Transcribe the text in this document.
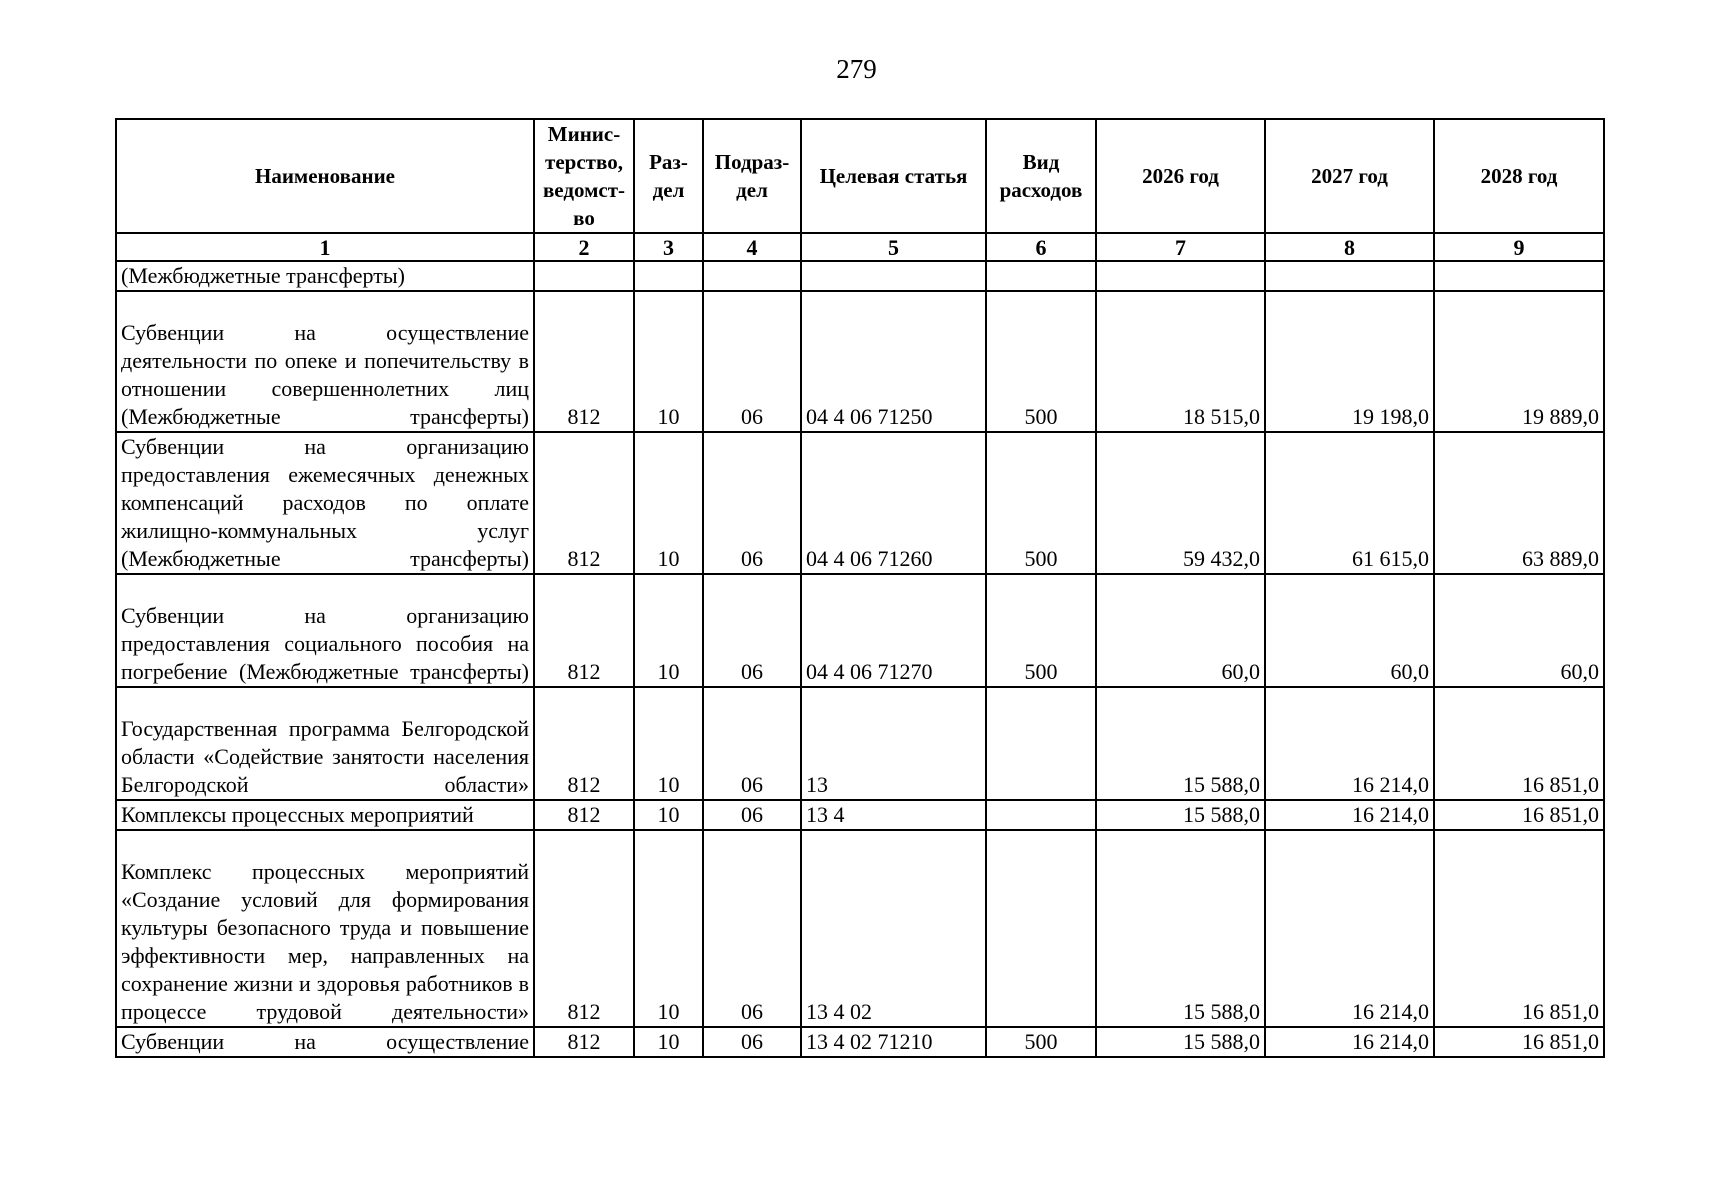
279
Наименование	Минис-терство, ведомст-во	Раз-дел	Подраз-дел	Целевая статья	Вид расходов	2026 год	2027 год	2028 год
1	2	3	4	5	6	7	8	9
(Межбюджетные трансферты)								
Субвенции на осуществление деятельности по опеке и попечительству в отношении совершеннолетних лиц (Межбюджетные трансферты)	812	10	06	04 4 06 71250	500	18 515,0	19 198,0	19 889,0
Субвенции на организацию предоставления ежемесячных денежных компенсаций расходов по оплате жилищно-коммунальных услуг (Межбюджетные трансферты)	812	10	06	04 4 06 71260	500	59 432,0	61 615,0	63 889,0
Субвенции на организацию предоставления социального пособия на погребение (Межбюджетные трансферты)	812	10	06	04 4 06 71270	500	60,0	60,0	60,0
Государственная программа Белгородской области «Содействие занятости населения Белгородской области»	812	10	06	13		15 588,0	16 214,0	16 851,0
Комплексы процессных мероприятий	812	10	06	13 4		15 588,0	16 214,0	16 851,0
Комплекс процессных мероприятий «Создание условий для формирования культуры безопасного труда и повышение эффективности мер, направленных на сохранение жизни и здоровья работников в процессе трудовой деятельности»	812	10	06	13 4 02		15 588,0	16 214,0	16 851,0
Субвенции на осуществление	812	10	06	13 4 02 71210	500	15 588,0	16 214,0	16 851,0
